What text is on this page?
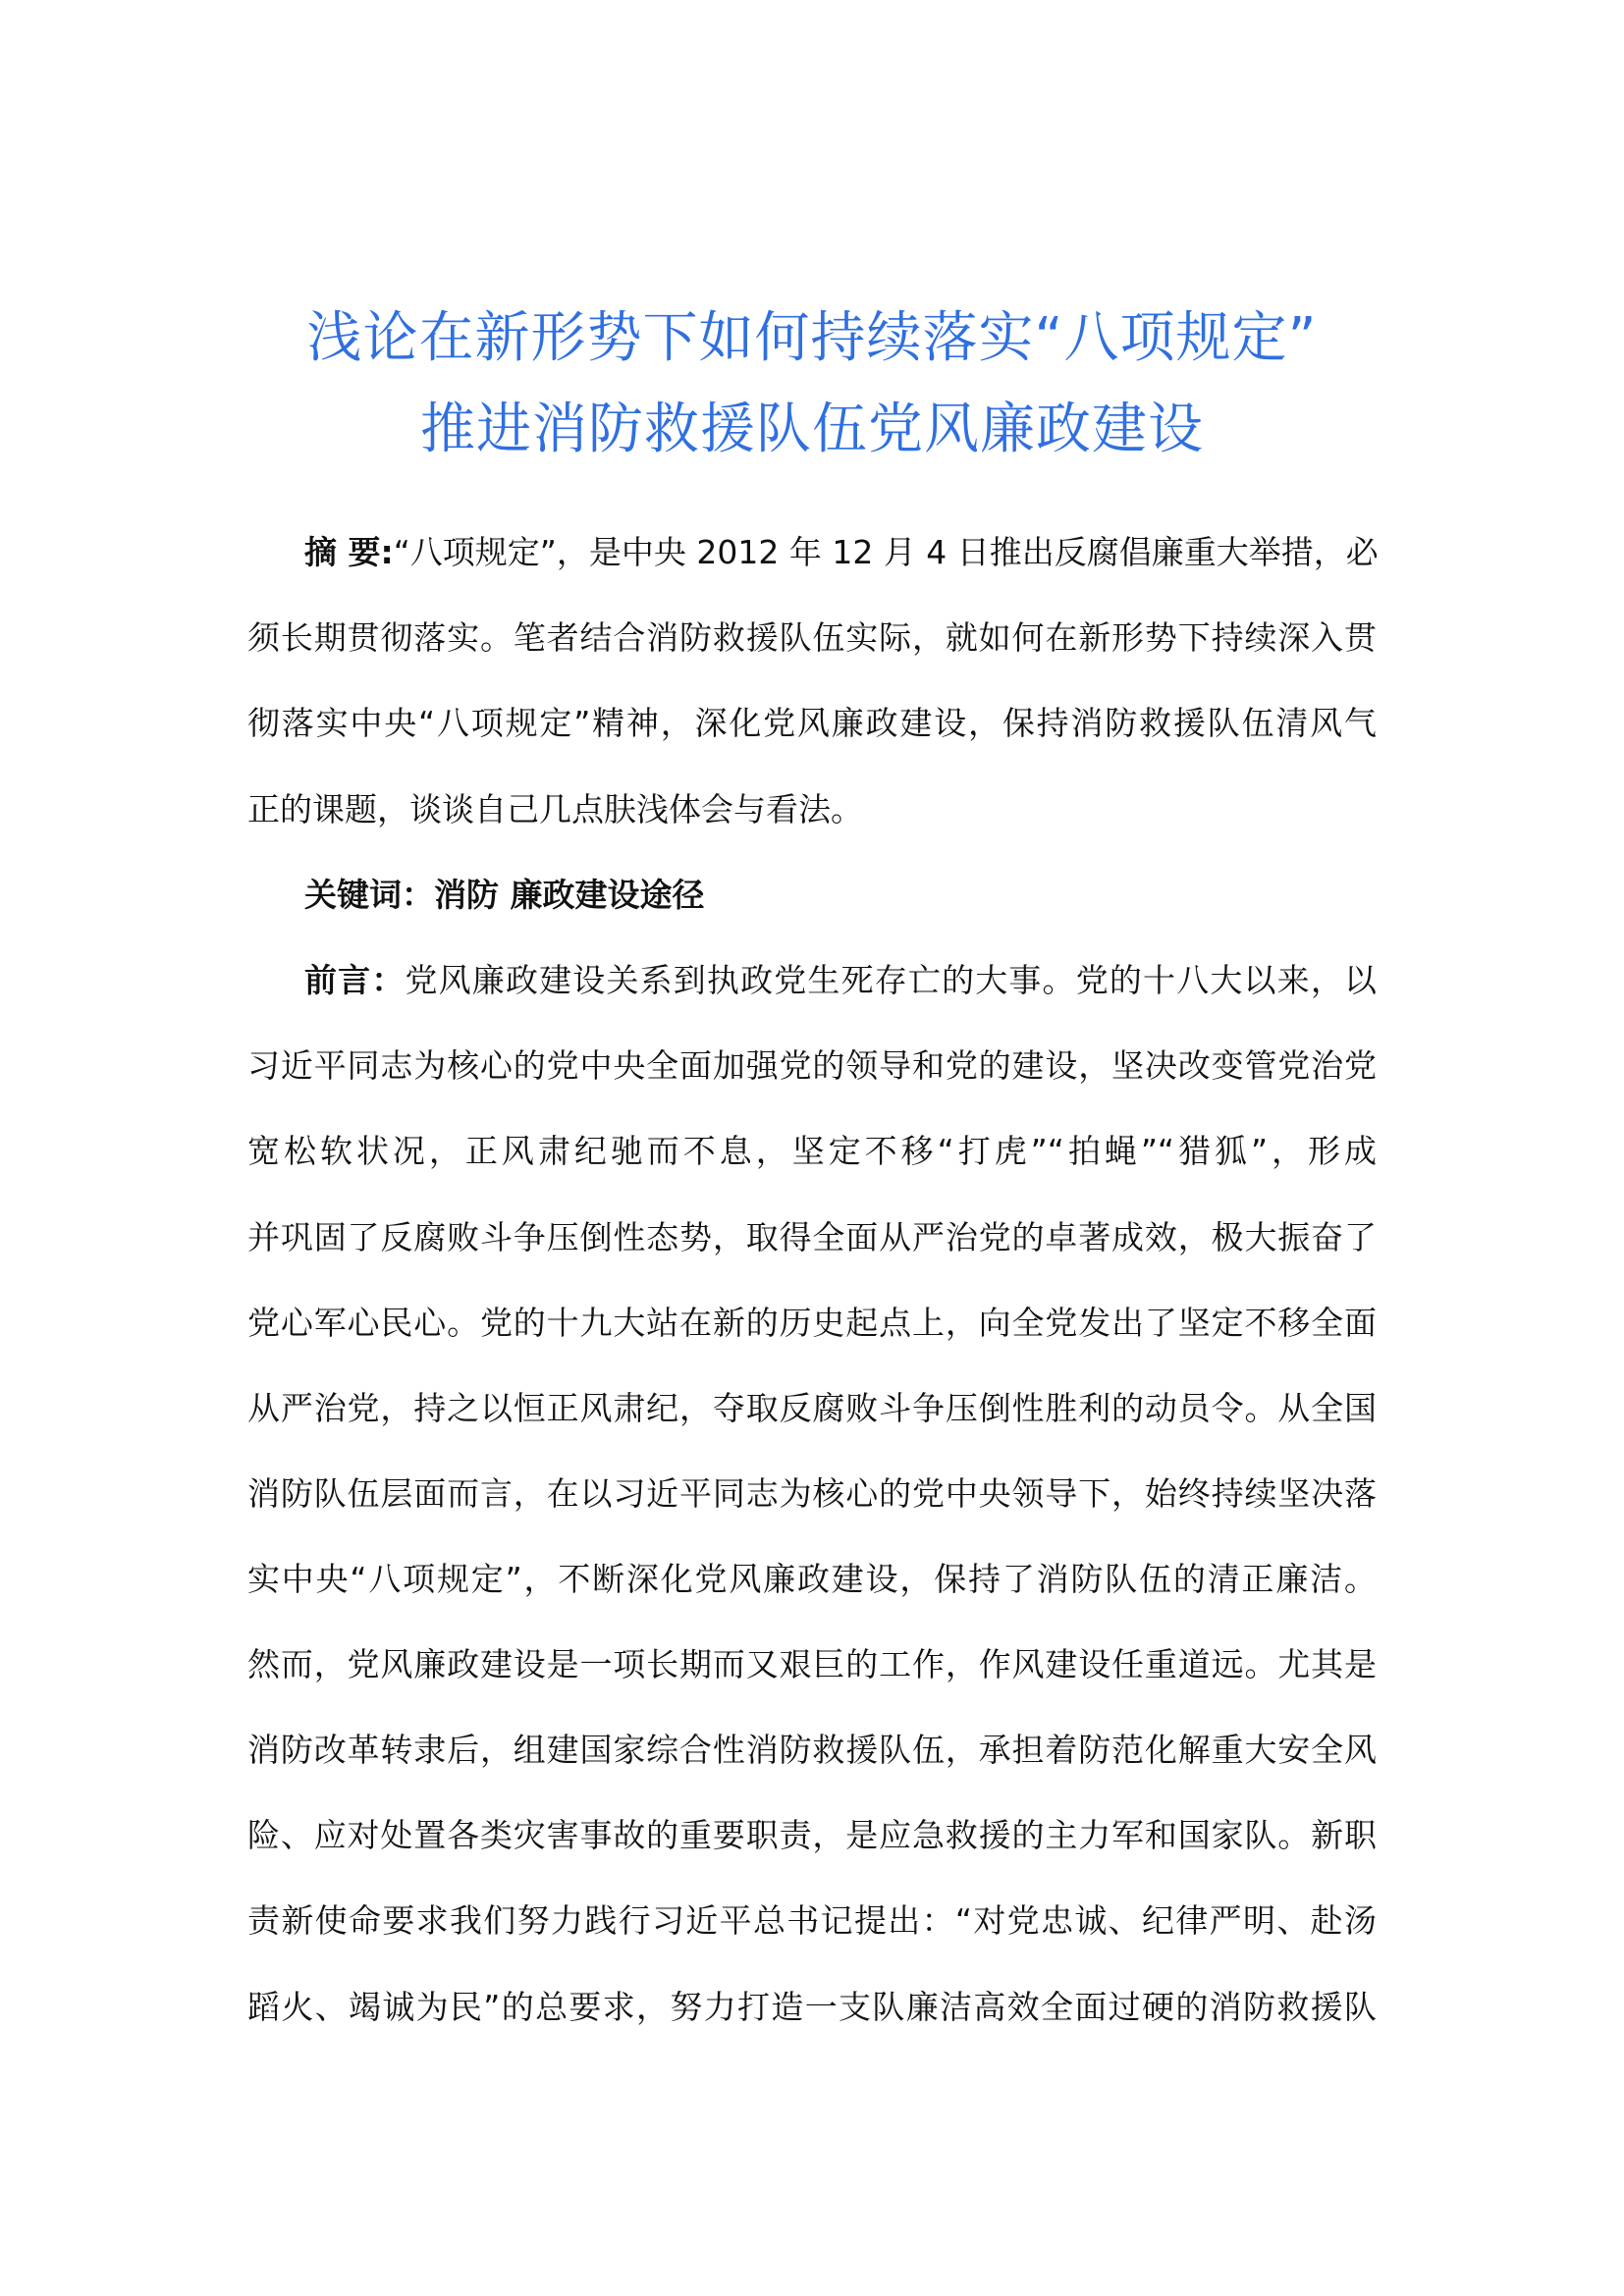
浅论在新形势下如何持续落实“八项规定”
推进消防救援队伍党风廉政建设
摘 要:“八项规定”，是中央 2012 年 12 月 4 日推出反腐倡廉重大举措，必
须长期贯彻落实。笔者结合消防救援队伍实际，就如何在新形势下持续深入贯
彻落实中央“八项规定”精神，深化党风廉政建设，保持消防救援队伍清风气
正的课题，谈谈自己几点肤浅体会与看法。
关键词：消防 廉政建设途径
前言：党风廉政建设关系到执政党生死存亡的大事。党的十八大以来，以
习近平同志为核心的党中央全面加强党的领导和党的建设，坚决改变管党治党
宽松软状况，正风肃纪驰而不息，坚定不移“打虎”“拍蝇”“猎狐”，形成
并巩固了反腐败斗争压倒性态势，取得全面从严治党的卓著成效，极大振奋了
党心军心民心。党的十九大站在新的历史起点上，向全党发出了坚定不移全面
从严治党，持之以恒正风肃纪，夺取反腐败斗争压倒性胜利的动员令。从全国
消防队伍层面而言，在以习近平同志为核心的党中央领导下，始终持续坚决落
实中央“八项规定”，不断深化党风廉政建设，保持了消防队伍的清正廉洁。
然而，党风廉政建设是一项长期而又艰巨的工作，作风建设任重道远。尤其是
消防改革转隶后，组建国家综合性消防救援队伍，承担着防范化解重大安全风
险、应对处置各类灾害事故的重要职责，是应急救援的主力军和国家队。新职
责新使命要求我们努力践行习近平总书记提出：“对党忠诚、纪律严明、赴汤
蹈火、竭诚为民”的总要求，努力打造一支队廉洁高效全面过硬的消防救援队
